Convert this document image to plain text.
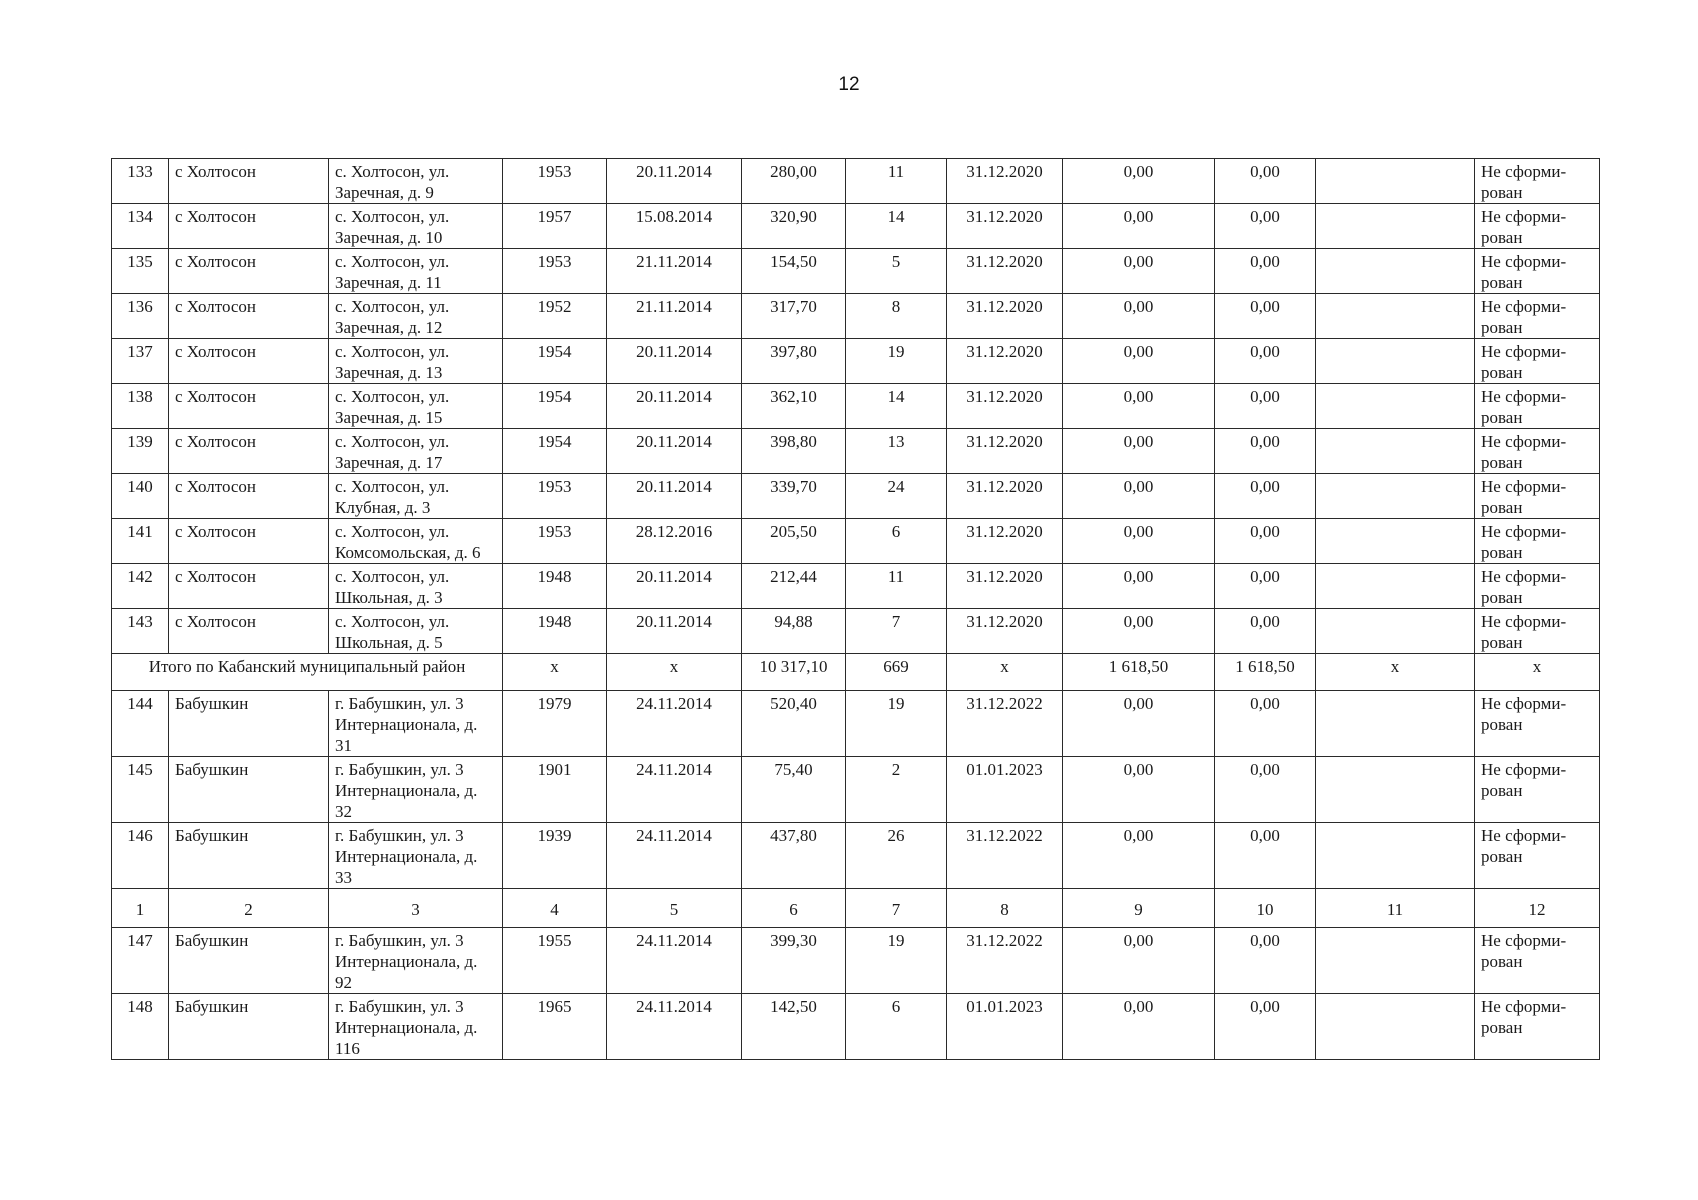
12
133	с Холтосон	с. Холтосон, ул. Заречная, д. 9	1953	20.11.2014	280,00	11	31.12.2020	0,00	0,00		Не сформи-рован
134	с Холтосон	с. Холтосон, ул. Заречная, д. 10	1957	15.08.2014	320,90	14	31.12.2020	0,00	0,00		Не сформи-рован
135	с Холтосон	с. Холтосон, ул. Заречная, д. 11	1953	21.11.2014	154,50	5	31.12.2020	0,00	0,00		Не сформи-рован
136	с Холтосон	с. Холтосон, ул. Заречная, д. 12	1952	21.11.2014	317,70	8	31.12.2020	0,00	0,00		Не сформи-рован
137	с Холтосон	с. Холтосон, ул. Заречная, д. 13	1954	20.11.2014	397,80	19	31.12.2020	0,00	0,00		Не сформи-рован
138	с Холтосон	с. Холтосон, ул. Заречная, д. 15	1954	20.11.2014	362,10	14	31.12.2020	0,00	0,00		Не сформи-рован
139	с Холтосон	с. Холтосон, ул. Заречная, д. 17	1954	20.11.2014	398,80	13	31.12.2020	0,00	0,00		Не сформи-рован
140	с Холтосон	с. Холтосон, ул. Клубная, д. 3	1953	20.11.2014	339,70	24	31.12.2020	0,00	0,00		Не сформи-рован
141	с Холтосон	с. Холтосон, ул. Комсомольская, д. 6	1953	28.12.2016	205,50	6	31.12.2020	0,00	0,00		Не сформи-рован
142	с Холтосон	с. Холтосон, ул. Школьная, д. 3	1948	20.11.2014	212,44	11	31.12.2020	0,00	0,00		Не сформи-рован
143	с Холтосон	с. Холтосон, ул. Школьная, д. 5	1948	20.11.2014	94,88	7	31.12.2020	0,00	0,00		Не сформи-рован
Итого по Кабанский муниципальный район			х	х	10 317,10	669	х	1 618,50	1 618,50	х	х
144	Бабушкин	г. Бабушкин, ул. 3 Интернационала, д. 31	1979	24.11.2014	520,40	19	31.12.2022	0,00	0,00		Не сформи-рован
145	Бабушкин	г. Бабушкин, ул. 3 Интернационала, д. 32	1901	24.11.2014	75,40	2	01.01.2023	0,00	0,00		Не сформи-рован
146	Бабушкин	г. Бабушкин, ул. 3 Интернационала, д. 33	1939	24.11.2014	437,80	26	31.12.2022	0,00	0,00		Не сформи-рован
1	2	3	4	5	6	7	8	9	10	11	12
147	Бабушкин	г. Бабушкин, ул. 3 Интернационала, д. 92	1955	24.11.2014	399,30	19	31.12.2022	0,00	0,00		Не сформи-рован
148	Бабушкин	г. Бабушкин, ул. 3 Интернационала, д. 116	1965	24.11.2014	142,50	6	01.01.2023	0,00	0,00		Не сформи-рован
